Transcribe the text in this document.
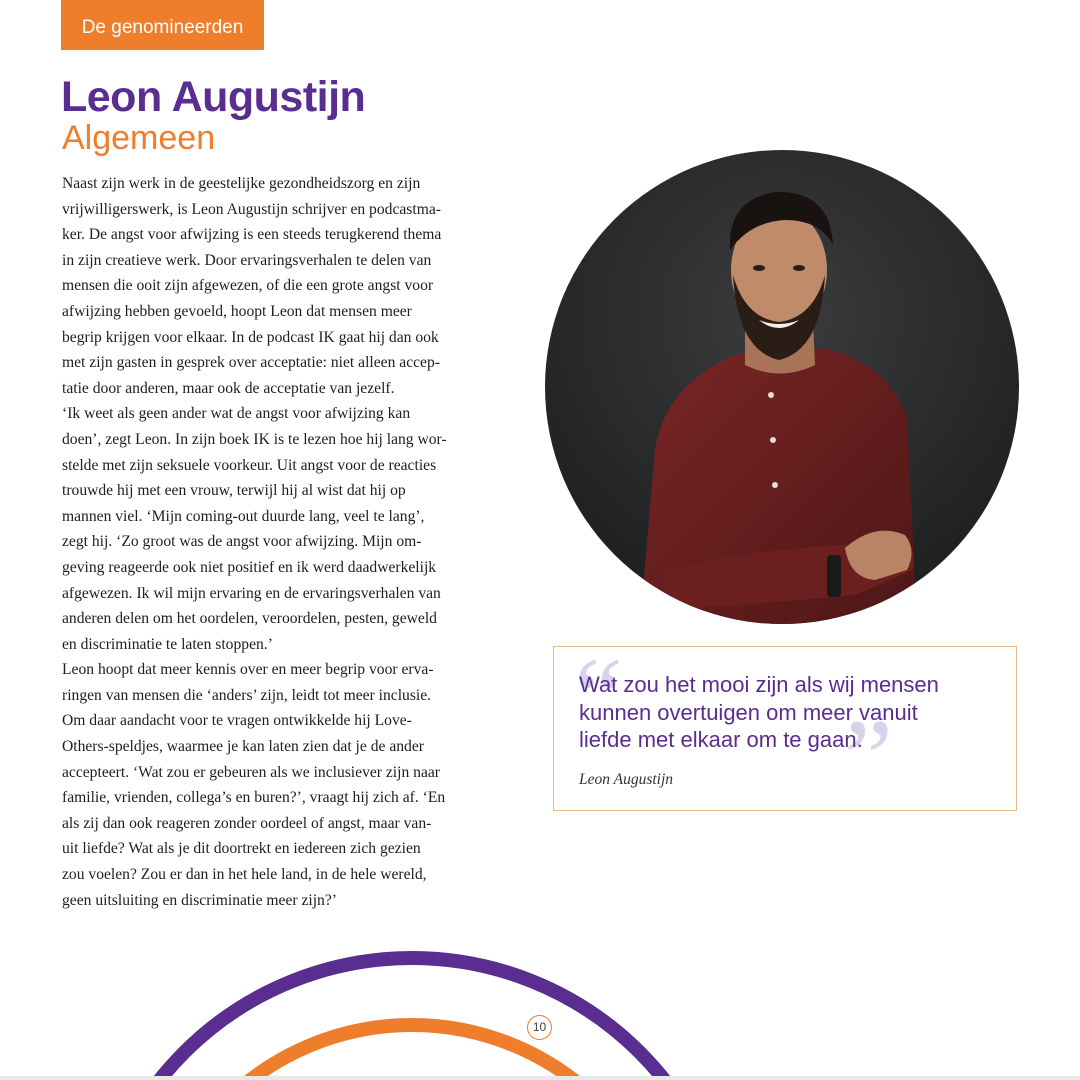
De genomineerden
Leon Augustijn
Algemeen
Naast zijn werk in de geestelijke gezondheidszorg en zijn
vrijwilligerswerk, is Leon Augustijn schrijver en podcastma-
ker. De angst voor afwijzing is een steeds terugkerend thema
in zijn creatieve werk. Door ervaringsverhalen te delen van
mensen die ooit zijn afgewezen, of die een grote angst voor
afwijzing hebben gevoeld, hoopt Leon dat mensen meer
begrip krijgen voor elkaar. In de podcast IK gaat hij dan ook
met zijn gasten in gesprek over acceptatie: niet alleen accep-
tatie door anderen, maar ook de acceptatie van jezelf.
‘Ik weet als geen ander wat de angst voor afwijzing kan
doen’, zegt Leon. In zijn boek IK is te lezen hoe hij lang wor-
stelde met zijn seksuele voorkeur. Uit angst voor de reacties
trouwde hij met een vrouw, terwijl hij al wist dat hij op
mannen viel. ‘Mijn coming-out duurde lang, veel te lang’,
zegt hij. ‘Zo groot was de angst voor afwijzing. Mijn om-
geving reageerde ook niet positief en ik werd daadwerkelijk
afgewezen. Ik wil mijn ervaring en de ervaringsverhalen van
anderen delen om het oordelen, veroordelen, pesten, geweld
en discriminatie te laten stoppen.’
Leon hoopt dat meer kennis over en meer begrip voor erva-
ringen van mensen die ‘anders’ zijn, leidt tot meer inclusie.
Om daar aandacht voor te vragen ontwikkelde hij Love-
Others-speldjes, waarmee je kan laten zien dat je de ander
accepteert. ‘Wat zou er gebeuren als we inclusiever zijn naar
familie, vrienden, collega’s en buren?’, vraagt hij zich af. ‘En
als zij dan ook reageren zonder oordeel of angst, maar van-
uit liefde? Wat als je dit doortrekt en iedereen zich gezien
zou voelen? Zou er dan in het hele land, in de hele wereld,
geen uitsluiting en discriminatie meer zijn?’
“
”
Wat zou het mooi zijn als wij mensen
kunnen overtuigen om meer vanuit
liefde met elkaar om te gaan.
Leon Augustijn
10
